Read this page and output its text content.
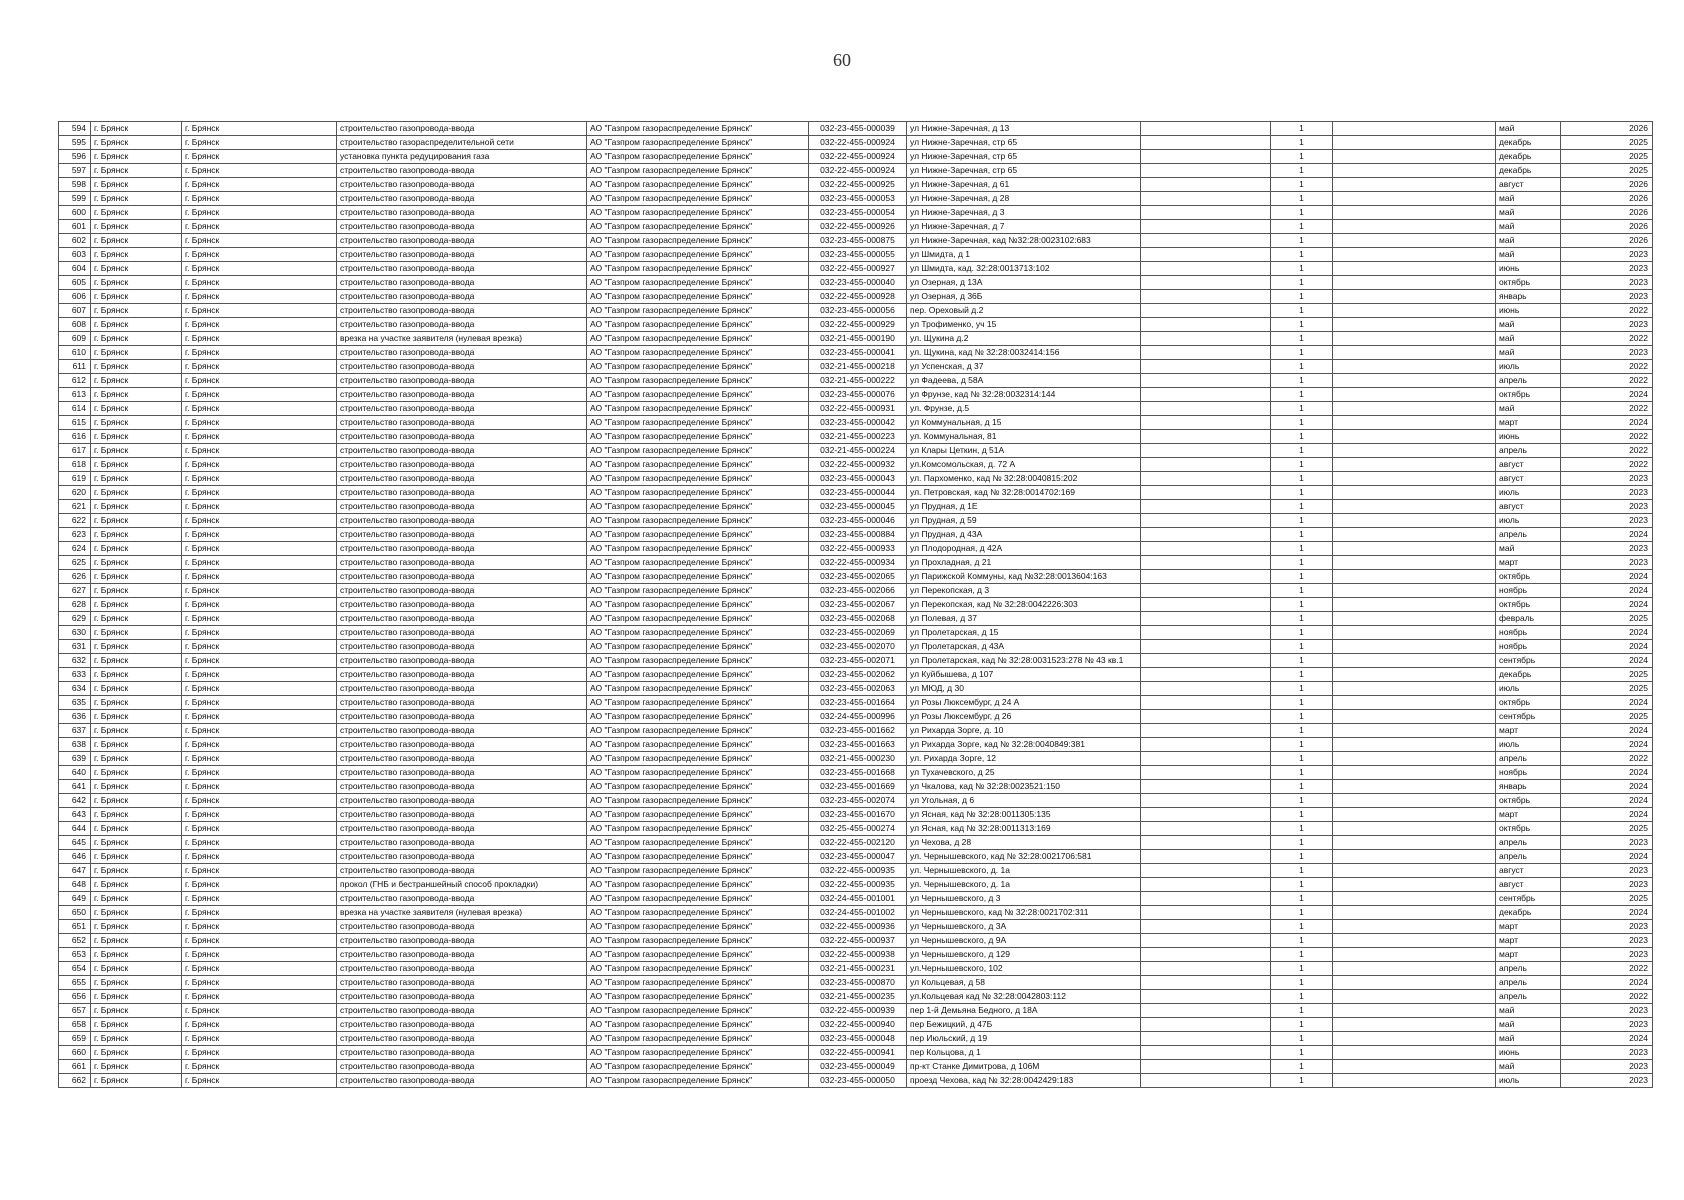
60
594	г. Брянск	г. Брянск	строительство газопровода-ввода	АО "Газпром газораспределение Брянск"	032-23-455-000039	ул Нижне-Заречная, д 13		1		май	2026
595	г. Брянск	г. Брянск	строительство газораспределительной сети	АО "Газпром газораспределение Брянск"	032-22-455-000924	ул Нижне-Заречная, стр 65		1		декабрь	2025
596	г. Брянск	г. Брянск	установка пункта редуцирования газа	АО "Газпром газораспределение Брянск"	032-22-455-000924	ул Нижне-Заречная, стр 65		1		декабрь	2025
597	г. Брянск	г. Брянск	строительство газопровода-ввода	АО "Газпром газораспределение Брянск"	032-22-455-000924	ул Нижне-Заречная, стр 65		1		декабрь	2025
598	г. Брянск	г. Брянск	строительство газопровода-ввода	АО "Газпром газораспределение Брянск"	032-22-455-000925	ул Нижне-Заречная, д 61		1		август	2026
599	г. Брянск	г. Брянск	строительство газопровода-ввода	АО "Газпром газораспределение Брянск"	032-23-455-000053	ул Нижне-Заречная, д 28		1		май	2026
600	г. Брянск	г. Брянск	строительство газопровода-ввода	АО "Газпром газораспределение Брянск"	032-23-455-000054	ул Нижне-Заречная, д 3		1		май	2026
601	г. Брянск	г. Брянск	строительство газопровода-ввода	АО "Газпром газораспределение Брянск"	032-22-455-000926	ул Нижне-Заречная, д 7		1		май	2026
602	г. Брянск	г. Брянск	строительство газопровода-ввода	АО "Газпром газораспределение Брянск"	032-23-455-000875	ул Нижне-Заречная, кад №32:28:0023102:683		1		май	2026
603	г. Брянск	г. Брянск	строительство газопровода-ввода	АО "Газпром газораспределение Брянск"	032-23-455-000055	ул Шмидта, д 1		1		май	2023
604	г. Брянск	г. Брянск	строительство газопровода-ввода	АО "Газпром газораспределение Брянск"	032-22-455-000927	ул Шмидта, кад. 32:28:0013713:102		1		июнь	2023
605	г. Брянск	г. Брянск	строительство газопровода-ввода	АО "Газпром газораспределение Брянск"	032-23-455-000040	ул Озерная, д 13А		1		октябрь	2023
606	г. Брянск	г. Брянск	строительство газопровода-ввода	АО "Газпром газораспределение Брянск"	032-22-455-000928	ул Озерная, д 36Б		1		январь	2023
607	г. Брянск	г. Брянск	строительство газопровода-ввода	АО "Газпром газораспределение Брянск"	032-23-455-000056	пер. Ореховый д.2		1		июнь	2022
608	г. Брянск	г. Брянск	строительство газопровода-ввода	АО "Газпром газораспределение Брянск"	032-22-455-000929	ул Трофименко, уч 15		1		май	2023
609	г. Брянск	г. Брянск	врезка на участке заявителя (нулевая врезка)	АО "Газпром газораспределение Брянск"	032-21-455-000190	ул. Щукина д.2		1		май	2022
610	г. Брянск	г. Брянск	строительство газопровода-ввода	АО "Газпром газораспределение Брянск"	032-23-455-000041	ул. Щукина, кад № 32:28:0032414:156		1		май	2023
611	г. Брянск	г. Брянск	строительство газопровода-ввода	АО "Газпром газораспределение Брянск"	032-21-455-000218	ул Успенская, д 37		1		июль	2022
612	г. Брянск	г. Брянск	строительство газопровода-ввода	АО "Газпром газораспределение Брянск"	032-21-455-000222	ул Фадеева, д 58А		1		апрель	2022
613	г. Брянск	г. Брянск	строительство газопровода-ввода	АО "Газпром газораспределение Брянск"	032-23-455-000076	ул Фрунзе, кад № 32:28:0032314:144		1		октябрь	2024
614	г. Брянск	г. Брянск	строительство газопровода-ввода	АО "Газпром газораспределение Брянск"	032-22-455-000931	ул. Фрунзе, д.5		1		май	2022
615	г. Брянск	г. Брянск	строительство газопровода-ввода	АО "Газпром газораспределение Брянск"	032-23-455-000042	ул Коммунальная, д 15		1		март	2024
616	г. Брянск	г. Брянск	строительство газопровода-ввода	АО "Газпром газораспределение Брянск"	032-21-455-000223	ул. Коммунальная, 81		1		июнь	2022
617	г. Брянск	г. Брянск	строительство газопровода-ввода	АО "Газпром газораспределение Брянск"	032-21-455-000224	ул Клары Цеткин, д 51А		1		апрель	2022
618	г. Брянск	г. Брянск	строительство газопровода-ввода	АО "Газпром газораспределение Брянск"	032-22-455-000932	ул.Комсомольская, д. 72 А		1		август	2022
619	г. Брянск	г. Брянск	строительство газопровода-ввода	АО "Газпром газораспределение Брянск"	032-23-455-000043	ул. Пархоменко, кад № 32:28:0040815:202		1		август	2023
620	г. Брянск	г. Брянск	строительство газопровода-ввода	АО "Газпром газораспределение Брянск"	032-23-455-000044	ул. Петровская, кад № 32:28:0014702:169		1		июль	2023
621	г. Брянск	г. Брянск	строительство газопровода-ввода	АО "Газпром газораспределение Брянск"	032-23-455-000045	ул Прудная, д 1Е		1		август	2023
622	г. Брянск	г. Брянск	строительство газопровода-ввода	АО "Газпром газораспределение Брянск"	032-23-455-000046	ул Прудная, д 59		1		июль	2023
623	г. Брянск	г. Брянск	строительство газопровода-ввода	АО "Газпром газораспределение Брянск"	032-23-455-000884	ул Прудная, д 43А		1		апрель	2024
624	г. Брянск	г. Брянск	строительство газопровода-ввода	АО "Газпром газораспределение Брянск"	032-22-455-000933	ул Плодородная, д 42А		1		май	2023
625	г. Брянск	г. Брянск	строительство газопровода-ввода	АО "Газпром газораспределение Брянск"	032-22-455-000934	ул Прохладная, д 21		1		март	2023
626	г. Брянск	г. Брянск	строительство газопровода-ввода	АО "Газпром газораспределение Брянск"	032-23-455-002065	ул Парижской Коммуны, кад №32:28:0013604:163		1		октябрь	2024
627	г. Брянск	г. Брянск	строительство газопровода-ввода	АО "Газпром газораспределение Брянск"	032-23-455-002066	ул Перекопская, д 3		1		ноябрь	2024
628	г. Брянск	г. Брянск	строительство газопровода-ввода	АО "Газпром газораспределение Брянск"	032-23-455-002067	ул Перекопская, кад № 32:28:0042226:303		1		октябрь	2024
629	г. Брянск	г. Брянск	строительство газопровода-ввода	АО "Газпром газораспределение Брянск"	032-23-455-002068	ул Полевая, д 37		1		февраль	2025
630	г. Брянск	г. Брянск	строительство газопровода-ввода	АО "Газпром газораспределение Брянск"	032-23-455-002069	ул Пролетарская, д 15		1		ноябрь	2024
631	г. Брянск	г. Брянск	строительство газопровода-ввода	АО "Газпром газораспределение Брянск"	032-23-455-002070	ул Пролетарская, д 43А		1		ноябрь	2024
632	г. Брянск	г. Брянск	строительство газопровода-ввода	АО "Газпром газораспределение Брянск"	032-23-455-002071	ул Пролетарская, кад № 32:28:0031523:278 № 43 кв.1		1		сентябрь	2024
633	г. Брянск	г. Брянск	строительство газопровода-ввода	АО "Газпром газораспределение Брянск"	032-23-455-002062	ул Куйбышева, д 107		1		декабрь	2025
634	г. Брянск	г. Брянск	строительство газопровода-ввода	АО "Газпром газораспределение Брянск"	032-23-455-002063	ул МЮД, д 30		1		июль	2025
635	г. Брянск	г. Брянск	строительство газопровода-ввода	АО "Газпром газораспределение Брянск"	032-23-455-001664	ул Розы Люксембург, д 24 А		1		октябрь	2024
636	г. Брянск	г. Брянск	строительство газопровода-ввода	АО "Газпром газораспределение Брянск"	032-24-455-000996	ул Розы Люксембург, д 26		1		сентябрь	2025
637	г. Брянск	г. Брянск	строительство газопровода-ввода	АО "Газпром газораспределение Брянск"	032-23-455-001662	ул Рихарда Зорге, д. 10		1		март	2024
638	г. Брянск	г. Брянск	строительство газопровода-ввода	АО "Газпром газораспределение Брянск"	032-23-455-001663	ул Рихарда Зорге, кад № 32:28:0040849:381		1		июль	2024
639	г. Брянск	г. Брянск	строительство газопровода-ввода	АО "Газпром газораспределение Брянск"	032-21-455-000230	ул. Рихарда Зорге, 12		1		апрель	2022
640	г. Брянск	г. Брянск	строительство газопровода-ввода	АО "Газпром газораспределение Брянск"	032-23-455-001668	ул Тухачевского, д 25		1		ноябрь	2024
641	г. Брянск	г. Брянск	строительство газопровода-ввода	АО "Газпром газораспределение Брянск"	032-23-455-001669	ул Чкалова, кад № 32:28:0023521:150		1		январь	2024
642	г. Брянск	г. Брянск	строительство газопровода-ввода	АО "Газпром газораспределение Брянск"	032-23-455-002074	ул Угольная, д 6		1		октябрь	2024
643	г. Брянск	г. Брянск	строительство газопровода-ввода	АО "Газпром газораспределение Брянск"	032-23-455-001670	ул Ясная, кад № 32:28:0011305:135		1		март	2024
644	г. Брянск	г. Брянск	строительство газопровода-ввода	АО "Газпром газораспределение Брянск"	032-25-455-000274	ул Ясная, кад № 32:28:0011313:169		1		октябрь	2025
645	г. Брянск	г. Брянск	строительство газопровода-ввода	АО "Газпром газораспределение Брянск"	032-22-455-002120	ул Чехова, д 28		1		апрель	2023
646	г. Брянск	г. Брянск	строительство газопровода-ввода	АО "Газпром газораспределение Брянск"	032-23-455-000047	ул. Чернышевского, кад № 32:28:0021706:581		1		апрель	2024
647	г. Брянск	г. Брянск	строительство газопровода-ввода	АО "Газпром газораспределение Брянск"	032-22-455-000935	ул. Чернышевского, д. 1а		1		август	2023
648	г. Брянск	г. Брянск	прокол (ГНБ и бестраншейный способ прокладки)	АО "Газпром газораспределение Брянск"	032-22-455-000935	ул. Чернышевского, д. 1а		1		август	2023
649	г. Брянск	г. Брянск	строительство газопровода-ввода	АО "Газпром газораспределение Брянск"	032-24-455-001001	ул Чернышевского, д 3		1		сентябрь	2025
650	г. Брянск	г. Брянск	врезка на участке заявителя (нулевая врезка)	АО "Газпром газораспределение Брянск"	032-24-455-001002	ул Чернышевского, кад № 32:28:0021702:311		1		декабрь	2024
651	г. Брянск	г. Брянск	строительство газопровода-ввода	АО "Газпром газораспределение Брянск"	032-22-455-000936	ул Чернышевского, д 3А		1		март	2023
652	г. Брянск	г. Брянск	строительство газопровода-ввода	АО "Газпром газораспределение Брянск"	032-22-455-000937	ул Чернышевского, д 9А		1		март	2023
653	г. Брянск	г. Брянск	строительство газопровода-ввода	АО "Газпром газораспределение Брянск"	032-22-455-000938	ул Чернышевского, д 129		1		март	2023
654	г. Брянск	г. Брянск	строительство газопровода-ввода	АО "Газпром газораспределение Брянск"	032-21-455-000231	ул.Чернышевского, 102		1		апрель	2022
655	г. Брянск	г. Брянск	строительство газопровода-ввода	АО "Газпром газораспределение Брянск"	032-23-455-000870	ул Кольцевая, д 58		1		апрель	2024
656	г. Брянск	г. Брянск	строительство газопровода-ввода	АО "Газпром газораспределение Брянск"	032-21-455-000235	ул.Кольцевая кад № 32:28:0042803:112		1		апрель	2022
657	г. Брянск	г. Брянск	строительство газопровода-ввода	АО "Газпром газораспределение Брянск"	032-22-455-000939	пер 1-й Демьяна Бедного, д 18А		1		май	2023
658	г. Брянск	г. Брянск	строительство газопровода-ввода	АО "Газпром газораспределение Брянск"	032-22-455-000940	пер Бежицкий, д 47Б		1		май	2023
659	г. Брянск	г. Брянск	строительство газопровода-ввода	АО "Газпром газораспределение Брянск"	032-23-455-000048	пер Июльский, д 19		1		май	2024
660	г. Брянск	г. Брянск	строительство газопровода-ввода	АО "Газпром газораспределение Брянск"	032-22-455-000941	пер Кольцова, д 1		1		июнь	2023
661	г. Брянск	г. Брянск	строительство газопровода-ввода	АО "Газпром газораспределение Брянск"	032-23-455-000049	пр-кт Станке Димитрова, д 106М		1		май	2023
662	г. Брянск	г. Брянск	строительство газопровода-ввода	АО "Газпром газораспределение Брянск"	032-23-455-000050	проезд Чехова, кад № 32:28:0042429:183		1		июль	2023
